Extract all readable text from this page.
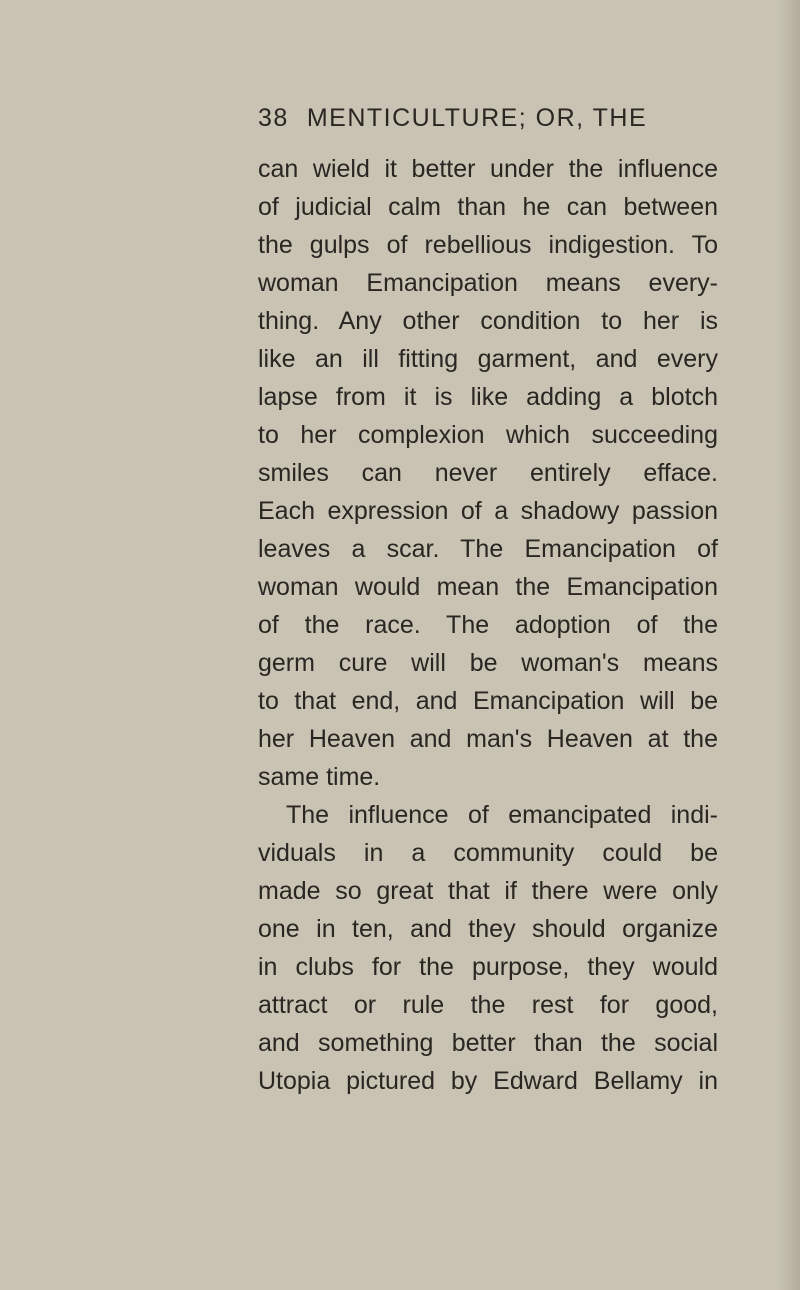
38 MENTICULTURE; OR, THE
can wield it better under the influence
of judicial calm than he can between
the gulps of rebellious indigestion. To
woman Emancipation means every-
thing. Any other condition to her is
like an ill fitting garment, and every
lapse from it is like adding a blotch
to her complexion which succeeding
smiles can never entirely efface.
Each expression of a shadowy passion
leaves a scar. The Emancipation of
woman would mean the Emancipation
of the race. The adoption of the
germ cure will be woman's means
to that end, and Emancipation will be
her Heaven and man's Heaven at the
same time.
The influence of emancipated indi-
viduals in a community could be
made so great that if there were only
one in ten, and they should organize
in clubs for the purpose, they would
attract or rule the rest for good,
and something better than the social
Utopia pictured by Edward Bellamy in
